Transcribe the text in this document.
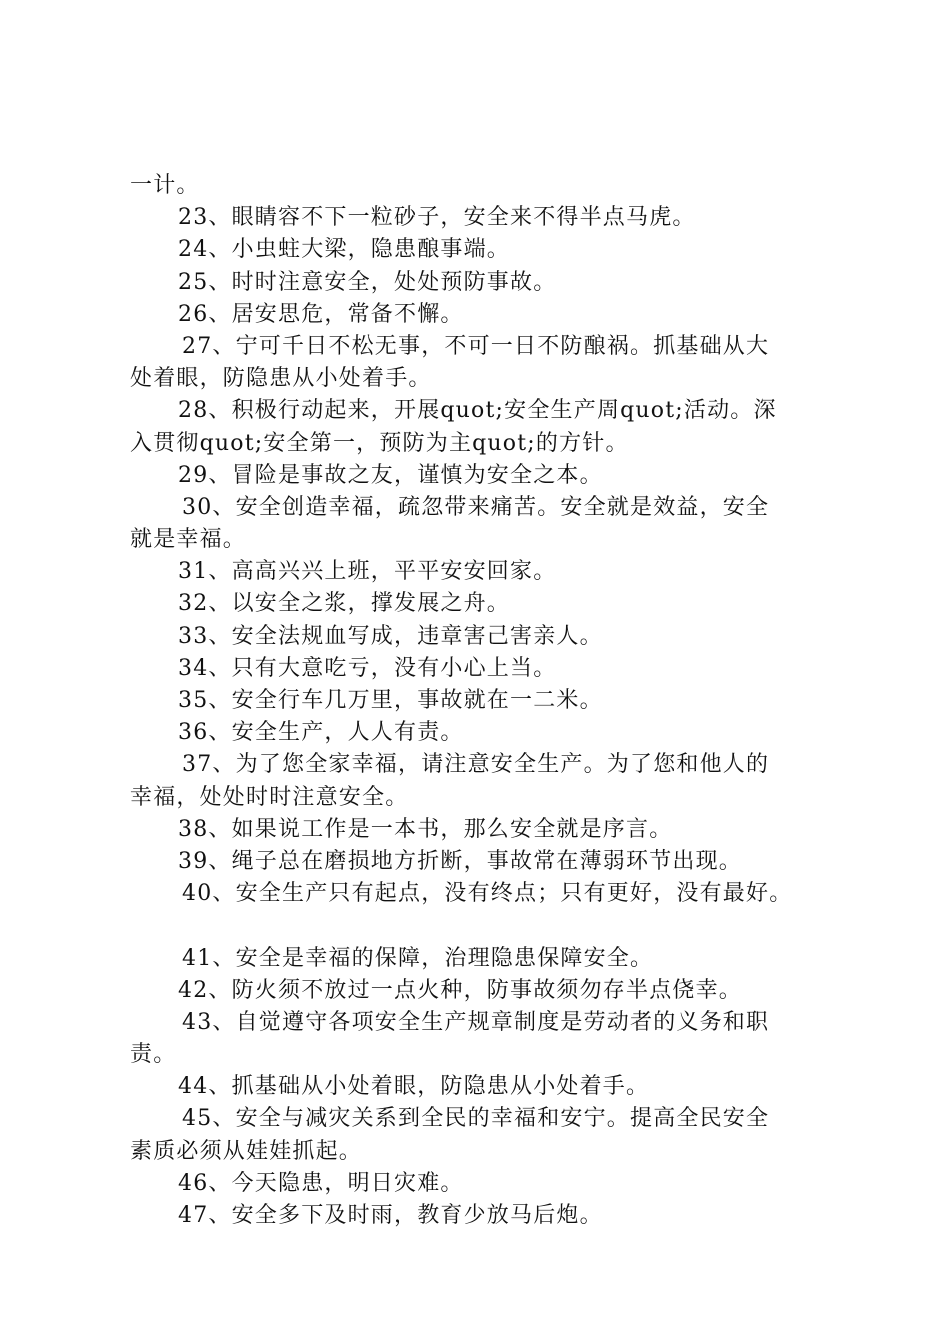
一计。
23、眼睛容不下一粒砂子，安全来不得半点马虎。
24、小虫蛀大梁，隐患酿事端。
25、时时注意安全，处处预防事故。
26、居安思危，常备不懈。
27、宁可千日不松无事，不可一日不防酿祸。抓基础从大
处着眼，防隐患从小处着手。
28、积极行动起来，开展quot;安全生产周quot;活动。深
入贯彻quot;安全第一，预防为主quot;的方针。
29、冒险是事故之友，谨慎为安全之本。
30、安全创造幸福，疏忽带来痛苦。安全就是效益，安全
就是幸福。
31、高高兴兴上班，平平安安回家。
32、以安全之浆，撑发展之舟。
33、安全法规血写成，违章害己害亲人。
34、只有大意吃亏，没有小心上当。
35、安全行车几万里，事故就在一二米。
36、安全生产，人人有责。
37、为了您全家幸福，请注意安全生产。为了您和他人的
幸福，处处时时注意安全。
38、如果说工作是一本书，那么安全就是序言。
39、绳子总在磨损地方折断，事故常在薄弱环节出现。
40、安全生产只有起点，没有终点；只有更好，没有最好。
41、安全是幸福的保障，治理隐患保障安全。
42、防火须不放过一点火种，防事故须勿存半点侥幸。
43、自觉遵守各项安全生产规章制度是劳动者的义务和职
责。
44、抓基础从小处着眼，防隐患从小处着手。
45、安全与减灾关系到全民的幸福和安宁。提高全民安全
素质必须从娃娃抓起。
46、今天隐患，明日灾难。
47、安全多下及时雨，教育少放马后炮。
